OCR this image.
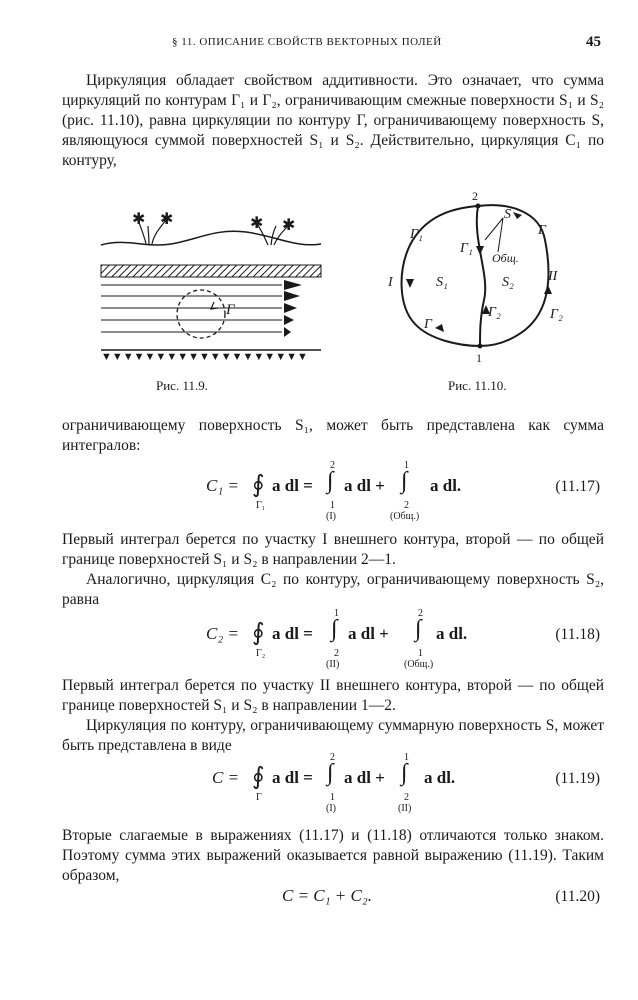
§ 11. ОПИСАНИЕ СВОЙСТВ ВЕКТОРНЫХ ПОЛЕЙ	45
Циркуляция обладает свойством аддитивности. Это означает, что сумма циркуляций по контурам Γ₁ и Γ₂, ограничивающим смежные поверхности S₁ и S₂ (рис. 11.10), равна циркуляции по контуру Γ, ограничивающему поверхность S, являющуюся суммой поверхностей S₁ и S₂. Действительно, циркуляция C₁ по контуру,
✱ ✱	✱ ✱
Γ
▼▼▼▼▼▼▼▼▼▼▼▼▼▼▼▼▼▼▼
Рис. 11.9.
2
1
S
Γ
Γ₁
Γ₁
Общ.
I	II
S₁	S₂
Γ₂	Γ₂
Γ
Рис. 11.10.
ограничивающему поверхность S₁, может быть представлена как сумма интегралов:
C₁ = ∮
Γ₁
a dl =
2
∫
1
(I)
a dl +
1
∫
2
(Общ.)
a dl.	(11.17)
Первый интеграл берется по участку I внешнего контура, второй — по общей границе поверхностей S₁ и S₂ в направлении 2—1.
Аналогично, циркуляция C₂ по контуру, ограничивающему поверхность S₂, равна
C₂ = ∮
Γ₂
a dl =
1
∫
2
(II)
a dl +
2
∫
1
(Общ.)
a dl.	(11.18)
Первый интеграл берется по участку II внешнего контура, второй — по общей границе поверхностей S₁ и S₂ в направлении 1—2.
Циркуляция по контуру, ограничивающему суммарную поверхность S, может быть представлена в виде
C = ∮
Γ
a dl =
2
∫
1
(I)
a dl +
1
∫
2
(II)
a dl.	(11.19)
Вторые слагаемые в выражениях (11.17) и (11.18) отличаются только знаком. Поэтому сумма этих выражений оказывается равной выражению (11.19). Таким образом,
C = C₁ + C₂.	(11.20)
